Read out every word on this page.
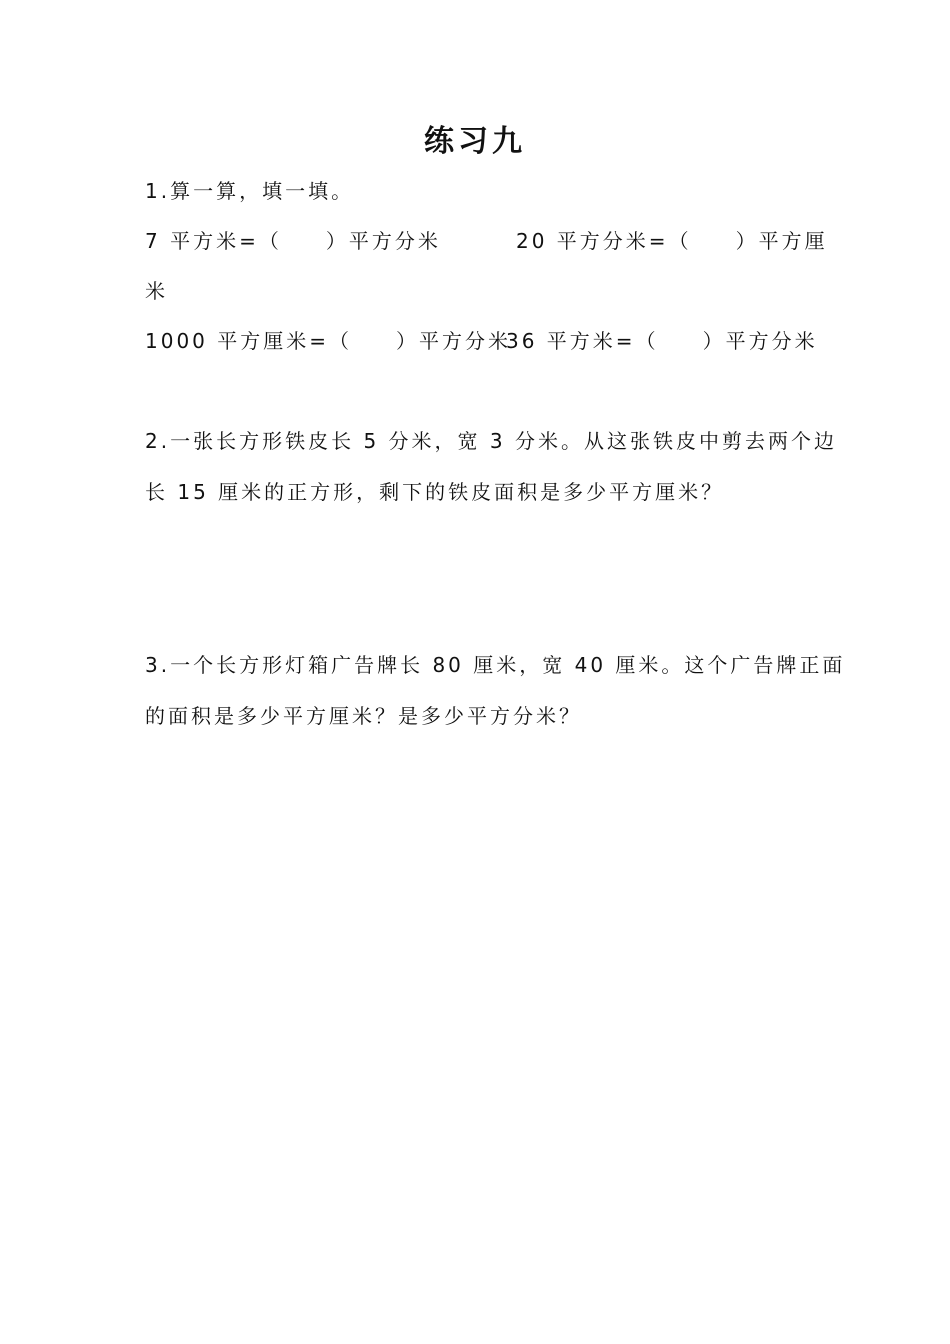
练习九
1.算一算，填一填。
7 平方米=（ ）平方分米	20 平方分米=（ ）平方厘
米
1000 平方厘米=（ ）平方分米
36 平方米=（ ）平方分米
2.一张长方形铁皮长 5 分米，宽 3 分米。从这张铁皮中剪去两个边
长 15 厘米的正方形，剩下的铁皮面积是多少平方厘米？
3.一个长方形灯箱广告牌长 80 厘米，宽 40 厘米。这个广告牌正面
的面积是多少平方厘米？是多少平方分米？
